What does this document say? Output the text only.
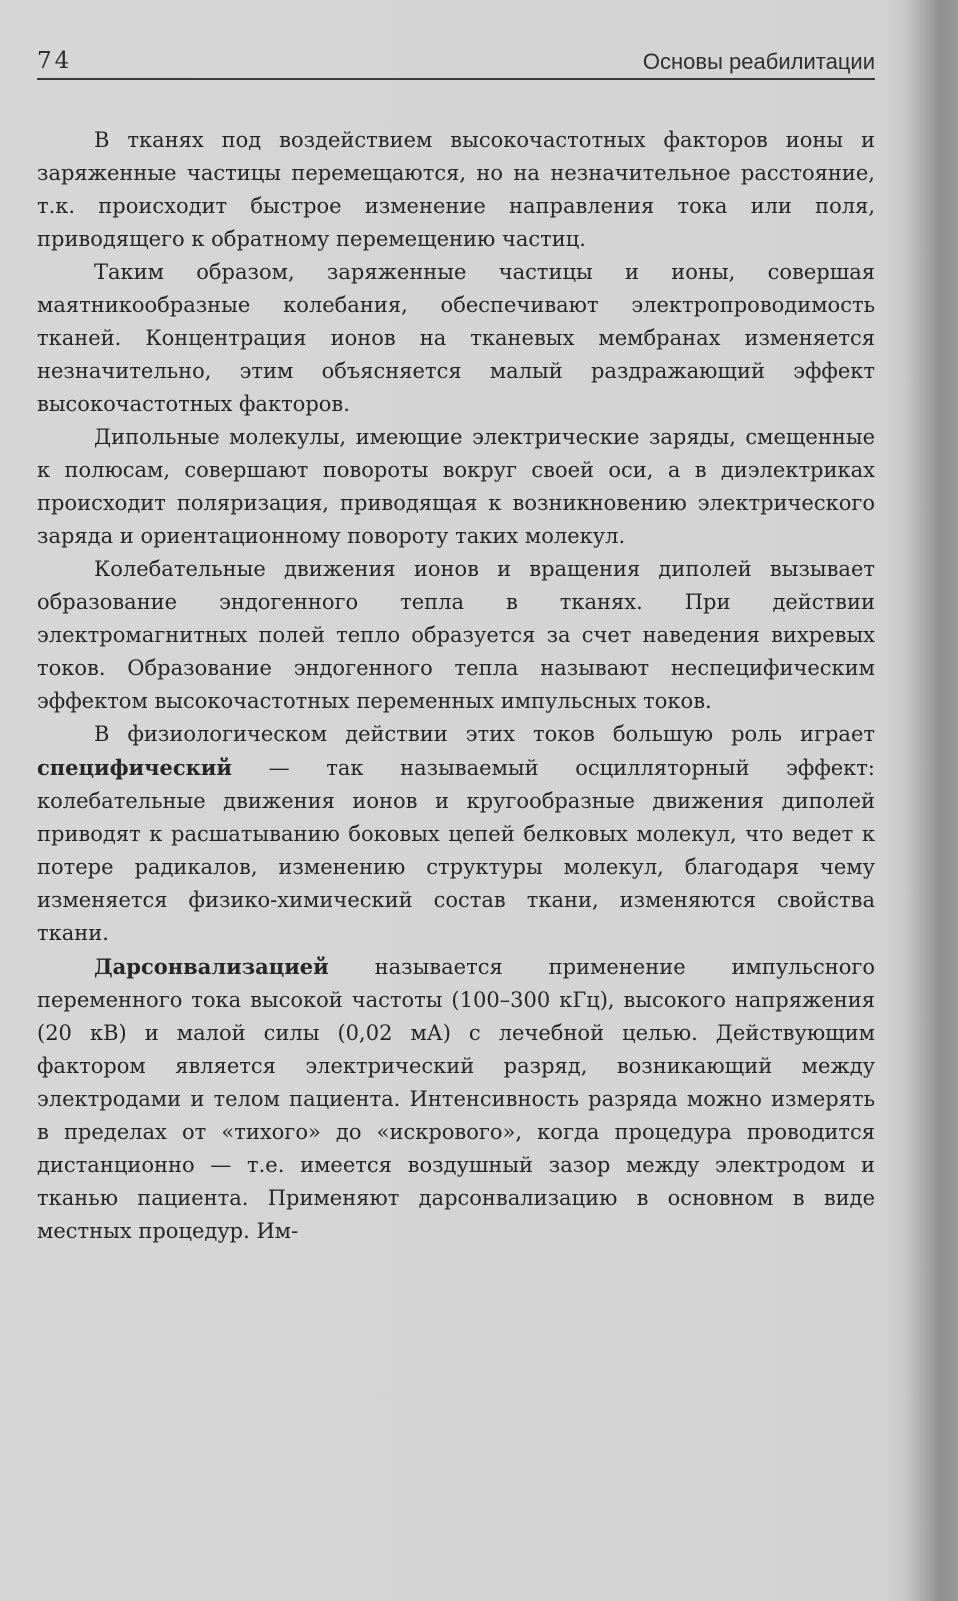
74	Основы реабилитации

В тканях под воздействием высокочастотных факторов ионы и заряженные частицы перемещаются, но на незначительное расстояние, т.к. происходит быстрое изменение направления тока или поля, приводящего к обратному перемещению частиц.

Таким образом, заряженные частицы и ионы, совершая маятникообразные колебания, обеспечивают электропроводимость тканей. Концентрация ионов на тканевых мембранах изменяется незначительно, этим объясняется малый раздражающий эффект высокочастотных факторов.

Дипольные молекулы, имеющие электрические заряды, смещенные к полюсам, совершают повороты вокруг своей оси, а в диэлектриках происходит поляризация, приводящая к возникновению электрического заряда и ориентационному повороту таких молекул.

Колебательные движения ионов и вращения диполей вызывает образование эндогенного тепла в тканях. При действии электромагнитных полей тепло образуется за счет наведения вихревых токов. Образование эндогенного тепла называют неспецифическим эффектом высокочастотных переменных импульсных токов.

В физиологическом действии этих токов большую роль играет специфический — так называемый осцилляторный эффект: колебательные движения ионов и кругообразные движения диполей приводят к расшатыванию боковых цепей белковых молекул, что ведет к потере радикалов, изменению структуры молекул, благодаря чему изменяется физико-химический состав ткани, изменяются свойства ткани.

Дарсонвализацией называется применение импульсного переменного тока высокой частоты (100–300 кГц), высокого напряжения (20 кВ) и малой силы (0,02 мА) с лечебной целью. Действующим фактором является электрический разряд, возникающий между электродами и телом пациента. Интенсивность разряда можно измерять в пределах от «тихого» до «искрового», когда процедура проводится дистанционно — т.е. имеется воздушный зазор между электродом и тканью пациента. Применяют дарсонвализацию в основном в виде местных процедур. Им-
